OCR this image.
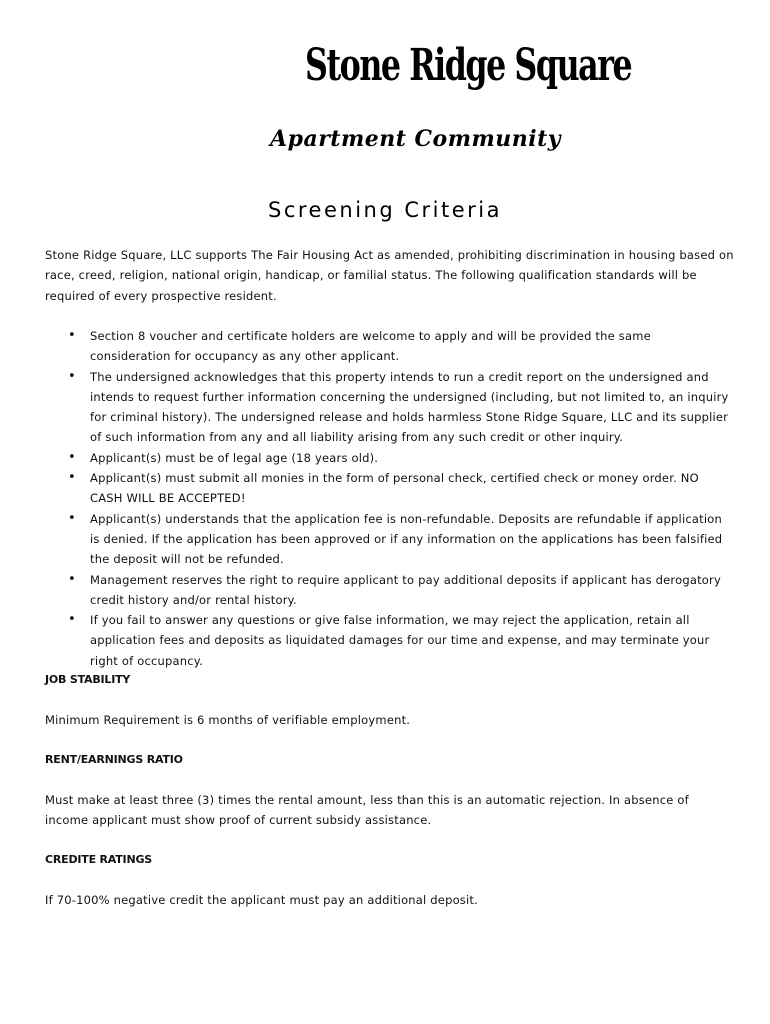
Stone Ridge Square
Apartment Community
Screening Criteria
Stone Ridge Square, LLC supports The Fair Housing Act as amended, prohibiting discrimination in housing based on race, creed, religion, national origin, handicap, or familial status. The following qualification standards will be required of every prospective resident.
• Section 8 voucher and certificate holders are welcome to apply and will be provided the same consideration for occupancy as any other applicant.
• The undersigned acknowledges that this property intends to run a credit report on the undersigned and intends to request further information concerning the undersigned (including, but not limited to, an inquiry for criminal history). The undersigned release and holds harmless Stone Ridge Square, LLC and its supplier of such information from any and all liability arising from any such credit or other inquiry.
• Applicant(s) must be of legal age (18 years old).
• Applicant(s) must submit all monies in the form of personal check, certified check or money order. NO CASH WILL BE ACCEPTED!
• Applicant(s) understands that the application fee is non-refundable. Deposits are refundable if application is denied. If the application has been approved or if any information on the applications has been falsified the deposit will not be refunded.
• Management reserves the right to require applicant to pay additional deposits if applicant has derogatory credit history and/or rental history.
• If you fail to answer any questions or give false information, we may reject the application, retain all application fees and deposits as liquidated damages for our time and expense, and may terminate your right of occupancy.
JOB STABILITY
Minimum Requirement is 6 months of verifiable employment.
RENT/EARNINGS RATIO
Must make at least three (3) times the rental amount, less than this is an automatic rejection. In absence of income applicant must show proof of current subsidy assistance.
CREDITE RATINGS
If 70-100% negative credit the applicant must pay an additional deposit.
